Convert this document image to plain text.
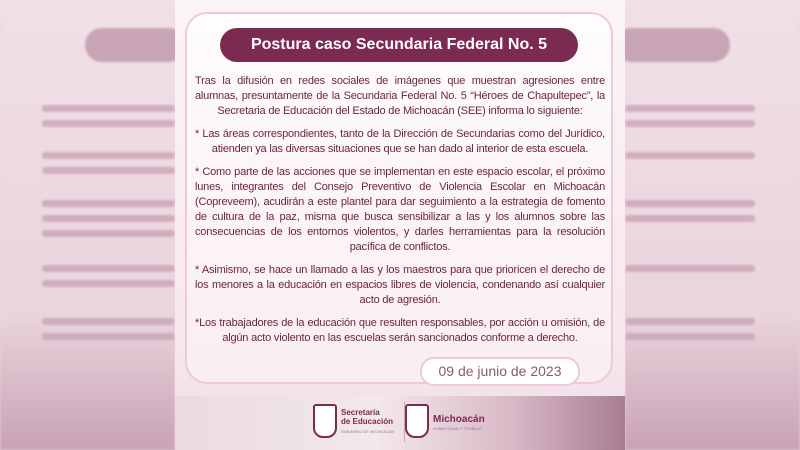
Postura caso Secundaria Federal No. 5

Tras la difusión en redes sociales de imágenes que muestran agresiones entre alumnas, presuntamente de la Secundaria Federal No. 5 “Héroes de Chapultepec”, la Secretaria de Educación del Estado de Michoacán (SEE) informa lo siguiente:

* Las áreas correspondientes, tanto de la Dirección de Secundarias como del Jurídico, atienden ya las diversas situaciones que se han dado al interior de esta escuela.

* Como parte de las acciones que se implementan en este espacio escolar, el próximo lunes, integrantes del Consejo Preventivo de Violencia Escolar en Michoacán (Copreveem), acudirán a este plantel para dar seguimiento a la estrategia de fomento de cultura de la paz, misma que busca sensibilizar a las y los alumnos sobre las consecuencias de los entornos violentos, y darles herramientas para la resolución pacífica de conflictos.

* Asimismo, se hace un llamado a las y los maestros para que prioricen el derecho de los menores a la educación en espacios libres de violencia, condenando así cualquier acto de agresión.

*Los trabajadores de la educación que resulten responsables, por acción u omisión, de algún acto violento en las escuelas serán sancionados conforme a derecho.

09 de junio de 2023
Secretaría
de Educación
GOBIERNO DE MICHOACÁN
Michoacán
HONESTIDAD Y TRABAJO
